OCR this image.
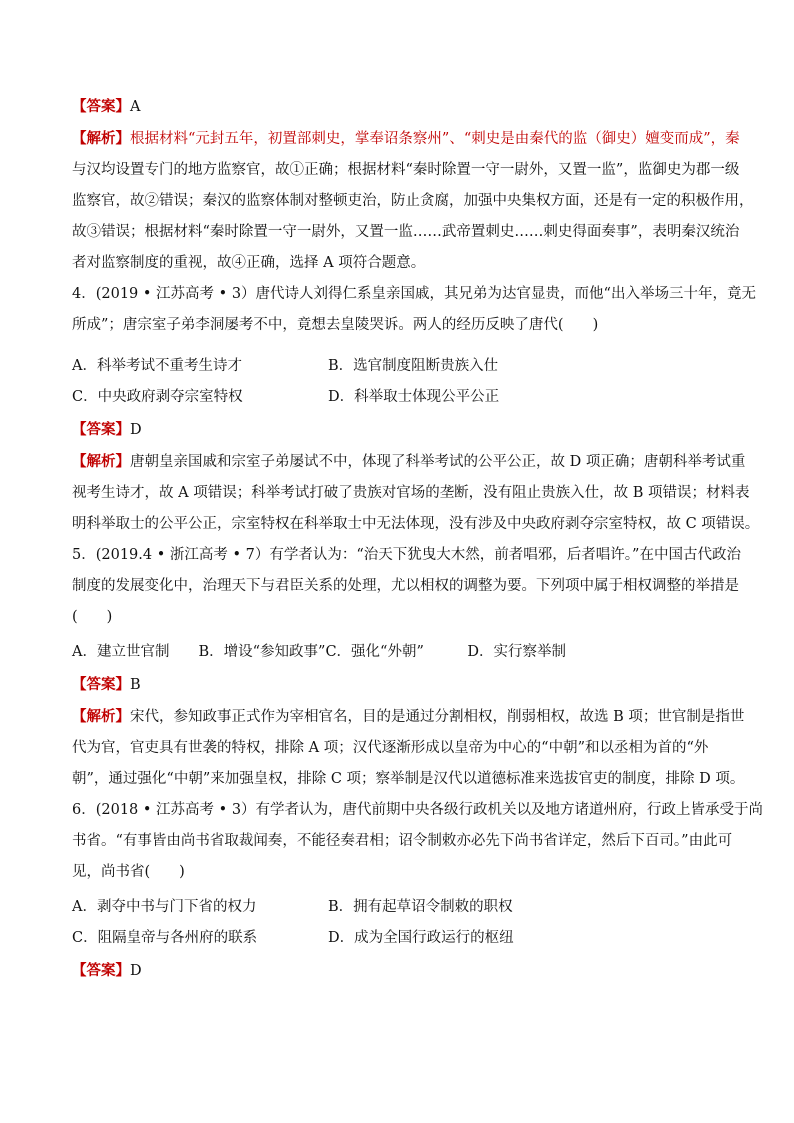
【答案】A
【解析】根据材料“元封五年，初置部刺史，掌奉诏条察州”、“刺史是由秦代的监（御史）嬗变而成”，秦
与汉均设置专门的地方监察官，故①正确；根据材料“秦时除置一守一尉外，又置一监”，监御史为郡一级
监察官，故②错误；秦汉的监察体制对整顿吏治，防止贪腐，加强中央集权方面，还是有一定的积极作用，
故③错误；根据材料“秦时除置一守一尉外，又置一监……武帝置刺史……刺史得面奏事”，表明秦汉统治
者对监察制度的重视，故④正确，选择 A 项符合题意。
4．(2019 • 江苏高考 • 3）唐代诗人刘得仁系皇亲国戚，其兄弟为达官显贵，而他“出入举场三十年，竟无
所成”；唐宗室子弟李洞屡考不中，竟想去皇陵哭诉。两人的经历反映了唐代(　　)
A．科举考试不重考生诗才	B．选官制度阻断贵族入仕
C．中央政府剥夺宗室特权	D．科举取士体现公平公正
【答案】D
【解析】唐朝皇亲国戚和宗室子弟屡试不中，体现了科举考试的公平公正，故 D 项正确；唐朝科举考试重
视考生诗才，故 A 项错误；科举考试打破了贵族对官场的垄断，没有阻止贵族入仕，故 B 项错误；材料表
明科举取士的公平公正，宗室特权在科举取士中无法体现，没有涉及中央政府剥夺宗室特权，故 C 项错误。
5．(2019.4 • 浙江高考 • 7）有学者认为：“治天下犹曳大木然，前者唱邪，后者唱许。”在中国古代政治
制度的发展变化中，治理天下与君臣关系的处理，尤以相权的调整为要。下列项中属于相权调整的举措是
(　　)
A．建立世官制　　B．增设“参知政事”C．强化“外朝”　　　D．实行察举制
【答案】B
【解析】宋代，参知政事正式作为宰相官名，目的是通过分割相权，削弱相权，故选 B 项；世官制是指世
代为官，官吏具有世袭的特权，排除 A 项；汉代逐渐形成以皇帝为中心的“中朝”和以丞相为首的“外
朝”，通过强化“中朝”来加强皇权，排除 C 项；察举制是汉代以道德标准来选拔官吏的制度，排除 D 项。
6．(2018 • 江苏高考 • 3）有学者认为，唐代前期中央各级行政机关以及地方诸道州府，行政上皆承受于尚
书省。“有事皆由尚书省取裁闻奏，不能径奏君相；诏令制敕亦必先下尚书省详定，然后下百司。”由此可
见，尚书省(　　)
A．剥夺中书与门下省的权力	B．拥有起草诏令制敕的职权
C．阻隔皇帝与各州府的联系	D．成为全国行政运行的枢纽
【答案】D
